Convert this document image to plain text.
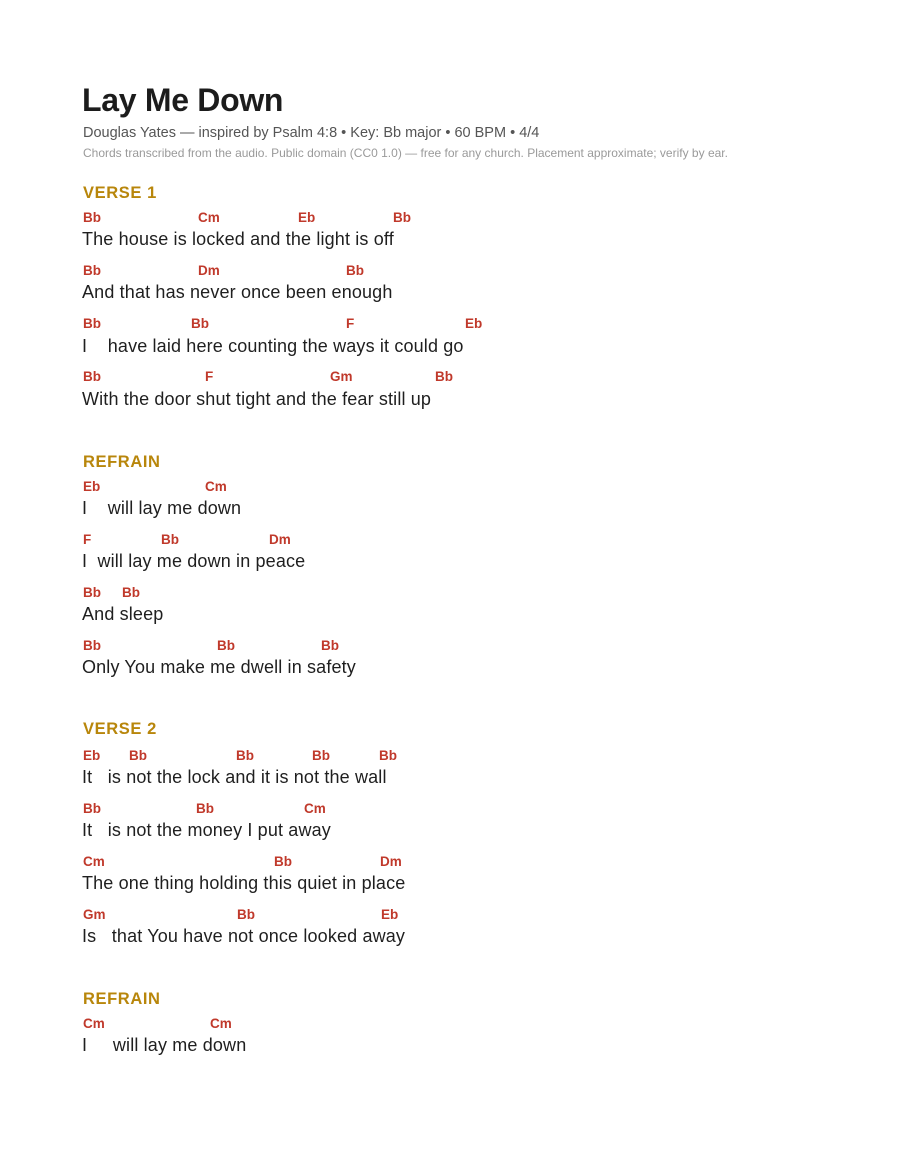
Lay Me Down
Douglas Yates — inspired by Psalm 4:8 • Key: Bb major • 60 BPM • 4/4
Chords transcribed from the audio. Public domain (CC0 1.0) — free for any church. Placement approximate; verify by ear.
VERSE 1
Bb	Cm	Eb	Bb
The house is locked and the light is off
Bb	Dm	Bb
And that has never once been enough
Bb	Bb	F	Eb
I    have laid here counting the ways it could go
Bb	F	Gm	Bb
With the door shut tight and the fear still up
REFRAIN
Eb	Cm
I    will lay me down
F	Bb	Dm
I  will lay me down in peace
Bb Bb
And sleep
Bb	Bb	Bb
Only You make me dwell in safety
VERSE 2
Eb Bb	Bb	Bb	Bb
It   is not the lock and it is not the wall
Bb	Bb	Cm
It   is not the money I put away
Cm	Bb	Dm
The one thing holding this quiet in place
Gm	Bb	Eb
Is   that You have not once looked away
REFRAIN
Cm	Cm
I     will lay me down
